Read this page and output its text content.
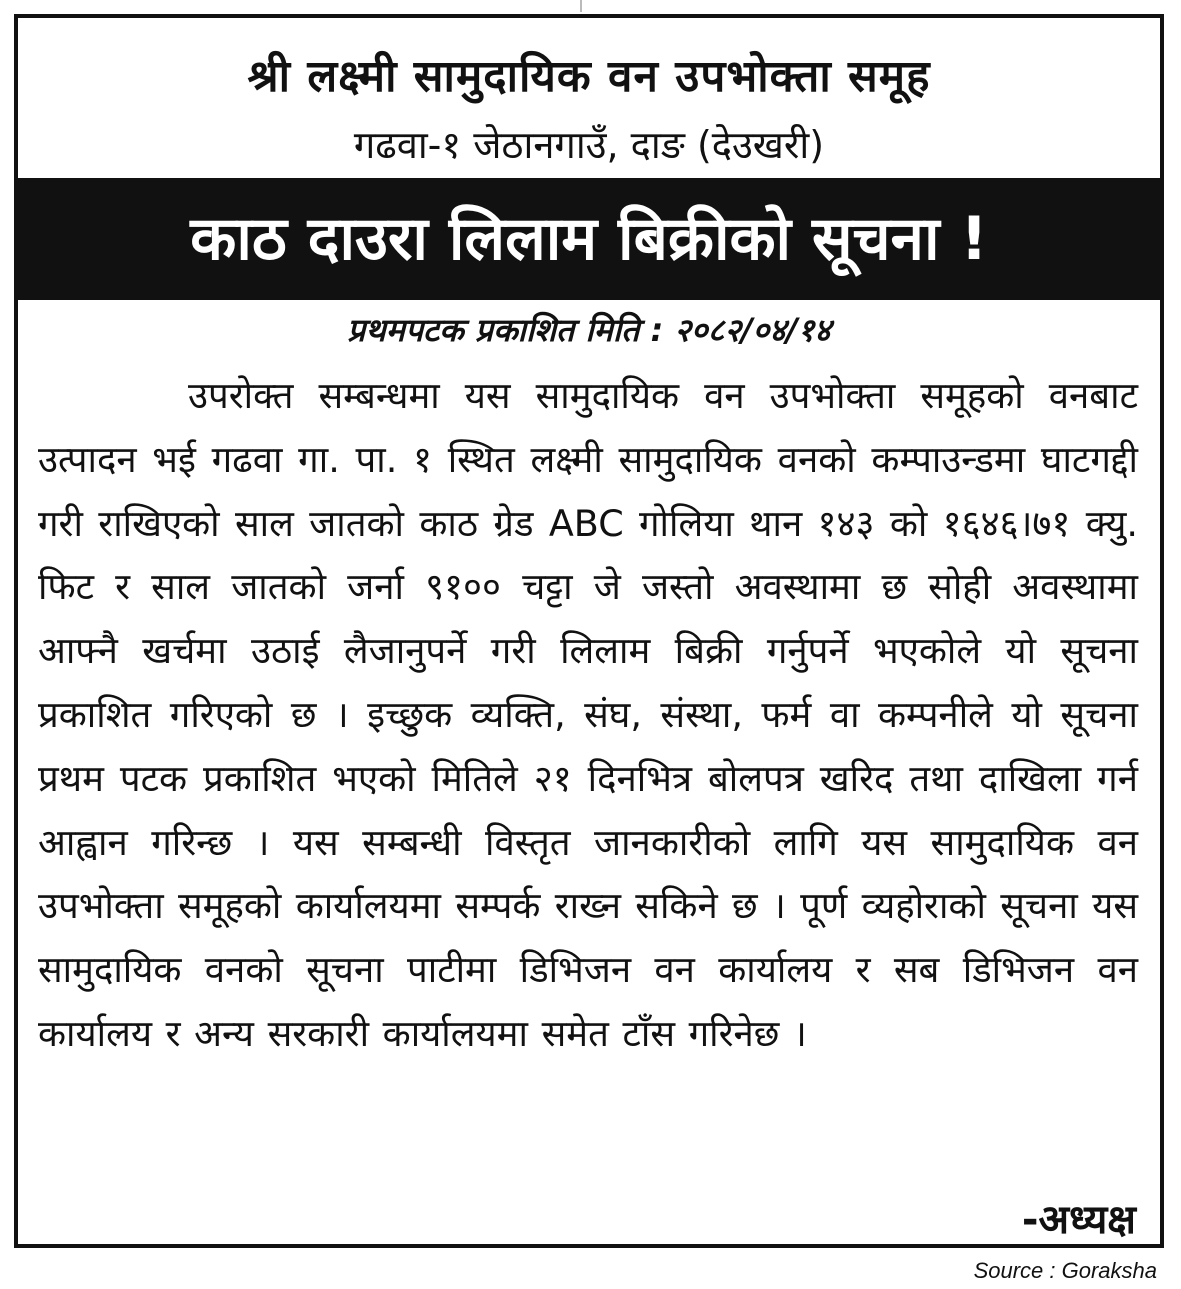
श्री लक्ष्मी सामुदायिक वन उपभोक्ता समूह
गढवा-१ जेठानगाउँ, दाङ (देउखरी)
काठ दाउरा लिलाम बिक्रीको सूचना !
प्रथमपटक प्रकाशित मिति : २०८२/०४/१४

उपरोक्त सम्बन्धमा यस सामुदायिक वन उपभोक्ता समूहको वनबाट उत्पादन भई गढवा गा. पा. १ स्थित लक्ष्मी सामुदायिक वनको कम्पाउन्डमा घाटगद्दी गरी राखिएको साल जातको काठ ग्रेड ABC गोलिया थान १४३ को १६४६।७१ क्यु. फिट र साल जातको जर्ना ९१०० चट्टा जे जस्तो अवस्थामा छ सोही अवस्थामा आफ्नै खर्चमा उठाई लैजानुपर्ने गरी लिलाम बिक्री गर्नुपर्ने भएकोले यो सूचना प्रकाशित गरिएको छ । इच्छुक व्यक्ति, संघ, संस्था, फर्म वा कम्पनीले यो सूचना प्रथम पटक प्रकाशित भएको मितिले २१ दिनभित्र बोलपत्र खरिद तथा दाखिला गर्न आह्वान गरिन्छ । यस सम्बन्धी विस्तृत जानकारीको लागि यस सामुदायिक वन उपभोक्ता समूहको कार्यालयमा सम्पर्क राख्न सकिने छ । पूर्ण व्यहोराको सूचना यस सामुदायिक वनको सूचना पाटीमा डिभिजन वन कार्यालय र सब डिभिजन वन कार्यालय र अन्य सरकारी कार्यालयमा समेत टाँस गरिनेछ ।

-अध्यक्ष
Source : Goraksha
